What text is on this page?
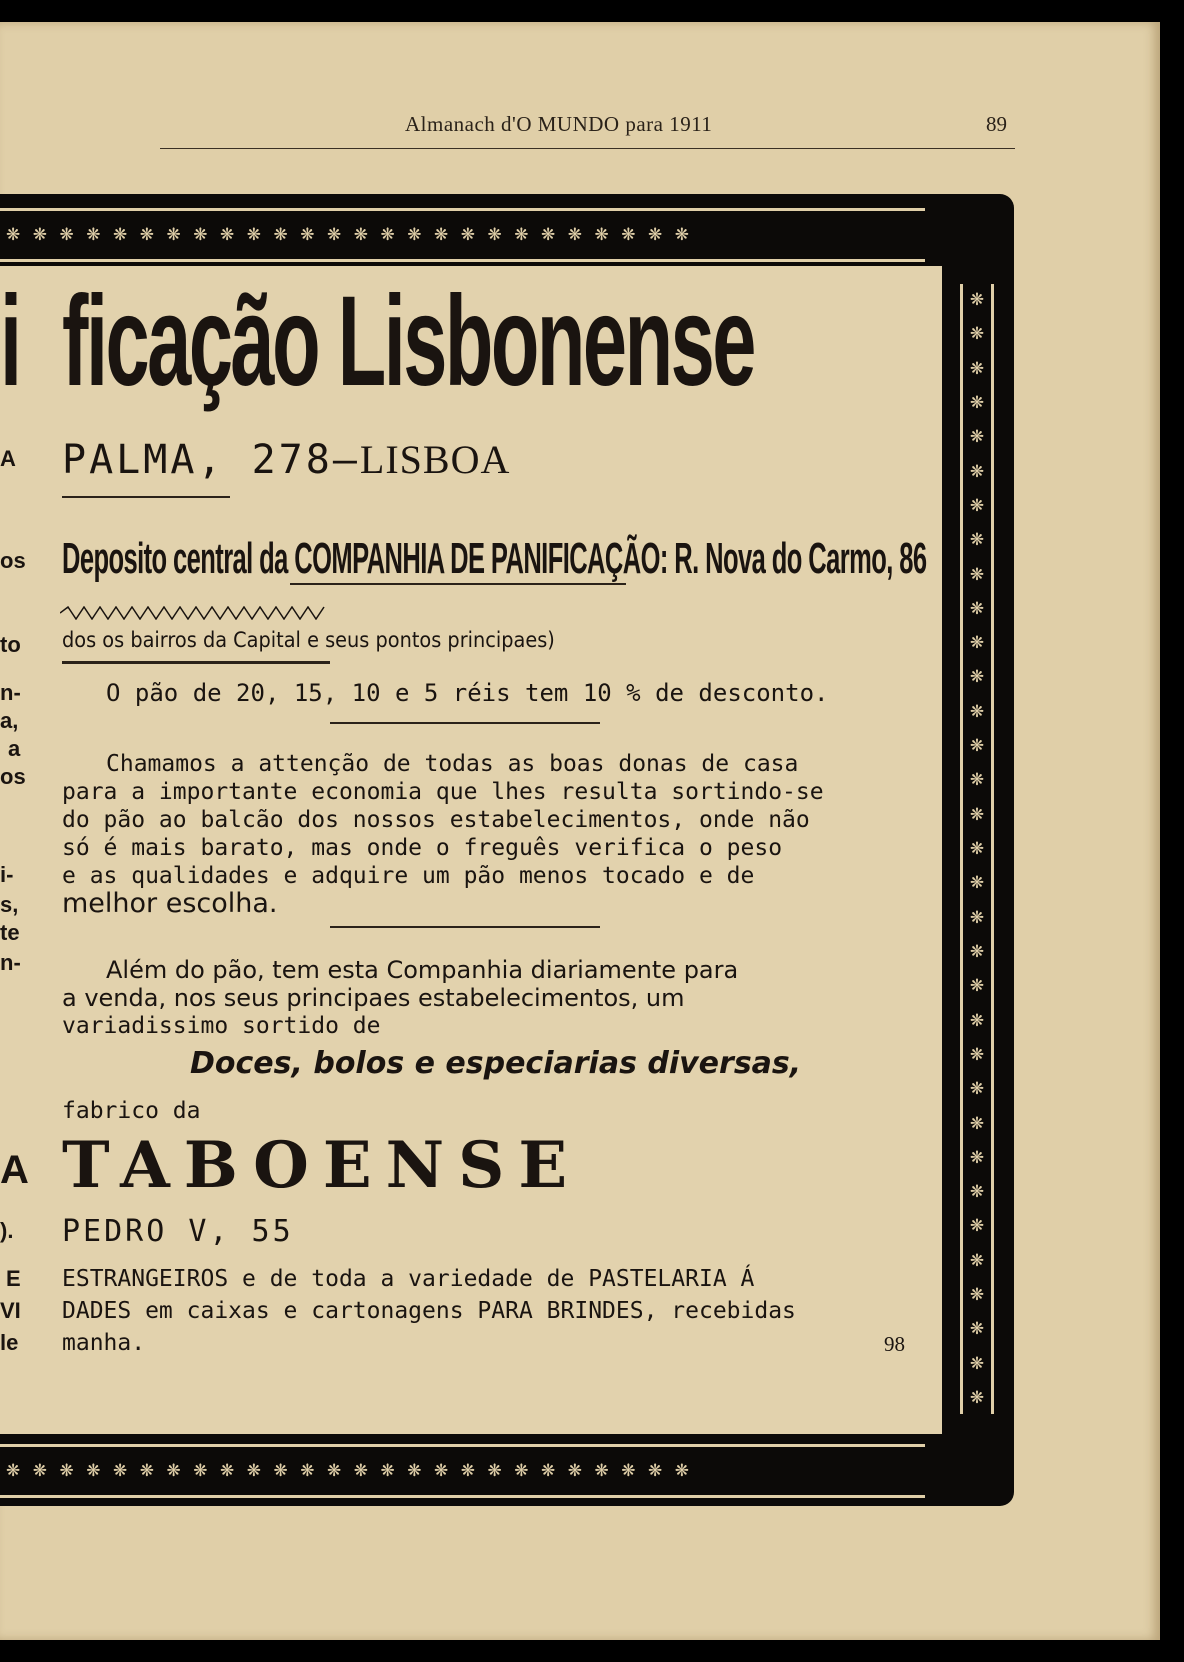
Almanach d'O MUNDO para 1911	89
❋ ❋ ❋ ❋ ❋ ❋ ❋ ❋ ❋ ❋ ❋ ❋ ❋ ❋ ❋ ❋ ❋ ❋ ❋ ❋ ❋ ❋ ❋ ❋ ❋ ❋
❋
❋
❋
❋
❋
❋
❋
❋
❋
❋
❋
❋
❋
❋
❋
❋
❋
❋
❋
❋
❋
❋
❋
❋
❋
❋
❋
❋
❋
❋
❋
❋
❋
i ficação Lisbonense
A PALMA, 278—LISBOA
os Deposito central da COMPANHIA DE PANIFICAÇÃO: R. Nova do Carmo, 86
to dos os bairros da Capital e seus pontos principaes)
n-	O pão de 20, 15, 10 e 5 réis tem 10 % de desconto.
a,
a
os	Chamamos a attenção de todas as boas donas de casa
para a importante economia que lhes resulta sortindo-se
do pão ao balcão dos nossos estabelecimentos, onde não
só é mais barato, mas onde o freguês verifica o peso
e as qualidades e adquire um pão menos tocado e de
melhor escolha.
i-
s,
te
n-	Além do pão, tem esta Companhia diariamente para
a venda, nos seus principaes estabelecimentos, um
variadissimo sortido de
Doces, bolos e especiarias diversas,
fabrico da
A TABOENSE
). PEDRO V, 55
E
VI
le
ESTRANGEIROS e de toda a variedade de PASTELARIA Á
DADES em caixas e cartonagens PARA BRINDES, recebidas
manha.	98
❋ ❋ ❋ ❋ ❋ ❋ ❋ ❋ ❋ ❋ ❋ ❋ ❋ ❋ ❋ ❋ ❋ ❋ ❋ ❋ ❋ ❋ ❋ ❋ ❋ ❋
